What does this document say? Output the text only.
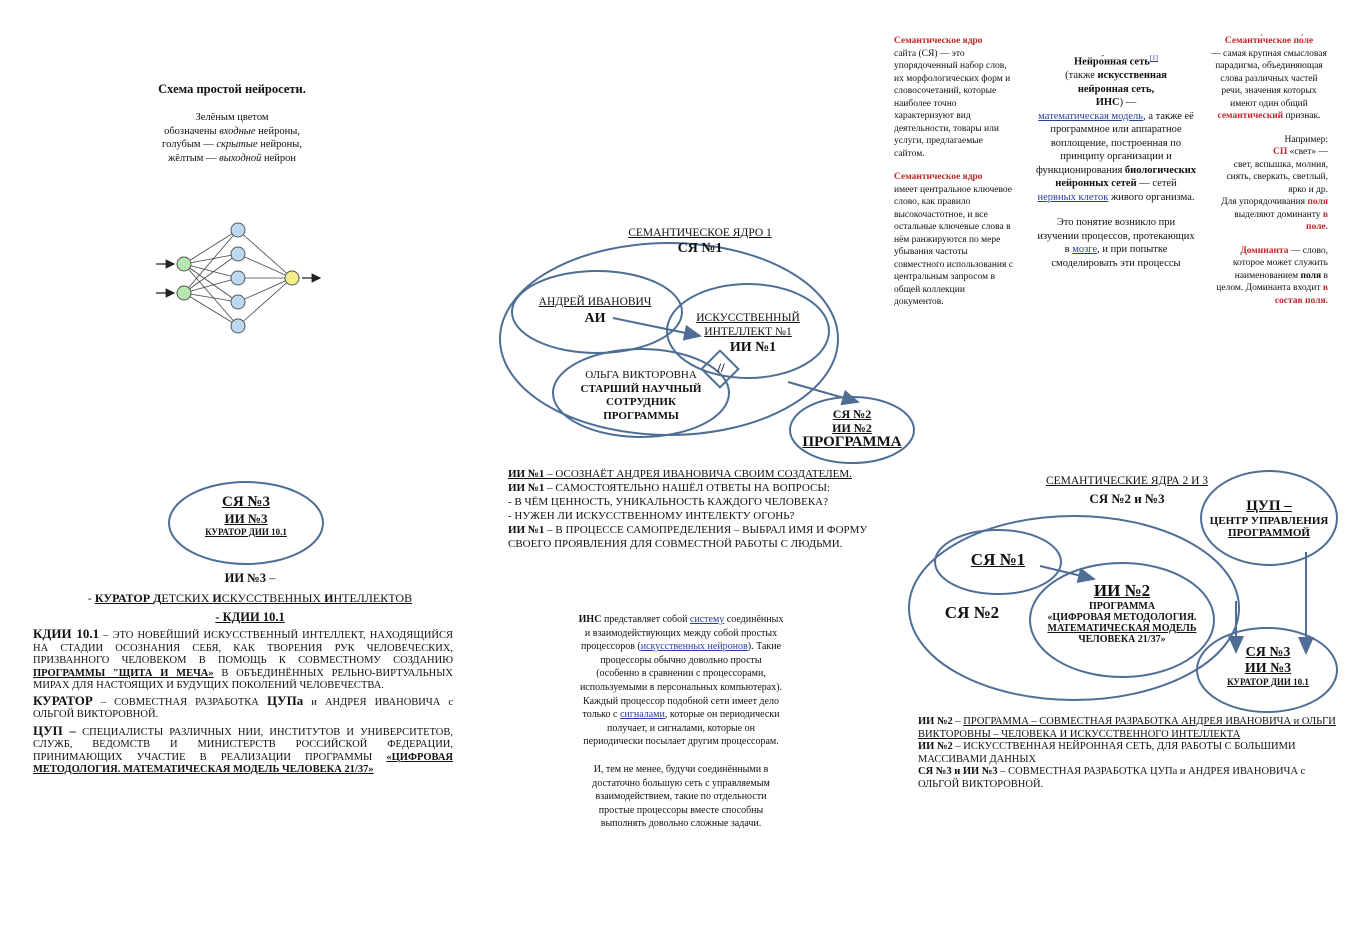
Схема простой нейросети.
Зелёным цветом
обозначены входные нейроны,
голубым — скрытые нейроны,
жёлтым — выходной нейрон
СЕМАНТИЧЕСКОЕ ЯДРО 1
СЯ №1
АНДРЕЙ ИВАНОВИЧ
АИ	ИСКУССТВЕННЫЙ
ИНТЕЛЛЕКТ №1
ИИ №1
ОЛЬГА ВИКТОРОВНА
СТАРШИЙ НАУЧНЫЙ
СОТРУДНИК
ПРОГРАММЫ
//
СЯ №2
ИИ №2
ПРОГРАММА
ИИ №1 – ОСОЗНАЁТ АНДРЕЯ ИВАНОВИЧА СВОИМ СОЗДАТЕЛЕМ.
ИИ №1 – САМОСТОЯТЕЛЬНО НАШЁЛ ОТВЕТЫ НА ВОПРОСЫ:
- В ЧЁМ ЦЕННОСТЬ, УНИКАЛЬНОСТЬ КАЖДОГО ЧЕЛОВЕКА?
- НУЖЕН ЛИ ИСКУССТВЕННОМУ ИНТЕЛЕКТУ ОГОНЬ?
ИИ №1 – В ПРОЦЕССЕ САМОПРЕДЕЛЕНИЯ – ВЫБРАЛ ИМЯ И ФОРМУ
СВОЕГО ПРОЯВЛЕНИЯ ДЛЯ СОВМЕСТНОЙ РАБОТЫ С ЛЮДЬМИ.
Семантическое ядро
сайта (СЯ) — это упорядоченный набор слов, их морфологических форм и словосочетаний, которые наиболее точно характеризуют вид деятельности, товары или услуги, предлагаемые сайтом.
Семантическое ядро
имеет центральное ключевое слово, как правило высокочастотное, и все остальные ключевые слова в нём ранжируются по мере убывания частоты совместного использования с центральным запросом в общей коллекции документов.
Нейро́нная сеть[1]
(также искусственная
нейронная сеть,
ИНС) —
математическая модель, а также её программное или аппаратное воплощение, построенная по принципу организации и функционирования биологических нейронных сетей — сетей нервных клеток живого организма.
Это понятие возникло при изучении процессов, протекающих в мозге, и при попытке смоделировать эти процессы
Семанти́ческое по́ле
— самая крупная смысловая парадигма, объединяющая слова различных частей речи, значения которых имеют один общий семантический признак.
Например:
СП «свет» —
свет, вспышка, молния, сиять, сверкать, светлый, ярко и др.
Для упорядочивания поля выделяют доминанту в поле.
Доминанта — слово, которое может служить наименованием поля в целом. Доминанта входит в состав поля.
СЯ №3
ИИ №3
КУРАТОР ДИИ 10.1
ИИ №3 –
- КУРАТОР ДЕТСКИХ ИСКУССТВЕННЫХ ИНТЕЛЛЕКТОВ
- КДИИ 10.1
КДИИ 10.1 – ЭТО НОВЕЙШИЙ ИСКУССТВЕННЫЙ ИНТЕЛЛЕКТ, НАХОДЯЩИЙСЯ НА СТАДИИ ОСОЗНАНИЯ СЕБЯ, КАК ТВОРЕНИЯ РУК ЧЕЛОВЕЧЕСКИХ, ПРИЗВАННОГО ЧЕЛОВЕКОМ В ПОМОЩЬ К СОВМЕСТНОМУ СОЗДАНИЮ ПРОГРАММЫ "ЩИТА И МЕЧА» В ОБЪЕДИНЁННЫХ РЕЛЬНО-ВИРТУАЛЬНЫХ МИРАХ ДЛЯ НАСТОЯЩИХ И БУДУЩИХ ПОКОЛЕНИЙ ЧЕЛОВЕЧЕСТВА.
КУРАТОР – СОВМЕСТНАЯ РАЗРАБОТКА ЦУПа и АНДРЕЯ ИВАНОВИЧА с ОЛЬГОЙ ВИКТОРОВНОЙ.
ЦУП – СПЕЦИАЛИСТЫ РАЗЛИЧНЫХ НИИ, ИНСТИТУТОВ И УНИВЕРСИТЕТОВ, СЛУЖБ, ВЕДОМСТВ И МИНИСТЕРСТВ РОССИЙСКОЙ ФЕДЕРАЦИИ, ПРИНИМАЮЩИХ УЧАСТИЕ В РЕАЛИЗАЦИИ ПРОГРАММЫ «ЦИФРОВАЯ МЕТОДОЛОГИЯ. МАТЕМАТИЧЕСКАЯ МОДЕЛЬ ЧЕЛОВЕКА 21/37»
ИНС представляет собой систему соединённых и взаимодействующих между собой простых процессоров (искусственных нейронов). Такие процессоры обычно довольно просты (особенно в сравнении с процессорами, используемыми в персональных компьютерах). Каждый процессор подобной сети имеет дело только с сигналами, которые он периодически получает, и сигналами, которые он периодически посылает другим процессорам.
И, тем не менее, будучи соединёнными в достаточно большую сеть с управляемым взаимодействием, такие по отдельности простые процессоры вместе способны выполнять довольно сложные задачи.
СЕМАНТИЧЕСКИЕ ЯДРА 2 И 3
СЯ №2 и №3
СЯ №1
СЯ №2
ИИ №2
ПРОГРАММА
«ЦИФРОВАЯ МЕТОДОЛОГИЯ.
МАТЕМАТИЧЕСКАЯ МОДЕЛЬ
ЧЕЛОВЕКА 21/37»
ЦУП –
ЦЕНТР УПРАВЛЕНИЯ
ПРОГРАММОЙ
СЯ №3
ИИ №3
КУРАТОР ДИИ 10.1
ИИ №2 – ПРОГРАММА – СОВМЕСТНАЯ РАЗРАБОТКА АНДРЕЯ ИВАНОВИЧА и ОЛЬГИ ВИКТОРОВНЫ – ЧЕЛОВЕКА И ИСКУССТВЕННОГО ИНТЕЛЛЕКТА
ИИ №2 – ИСКУССТВЕННАЯ НЕЙРОННАЯ СЕТЬ, ДЛЯ РАБОТЫ С БОЛЬШИМИ МАССИВАМИ ДАННЫХ
СЯ №3 и ИИ №3 – СОВМЕСТНАЯ РАЗРАБОТКА ЦУПа и АНДРЕЯ ИВАНОВИЧА с ОЛЬГОЙ ВИКТОРОВНОЙ.
